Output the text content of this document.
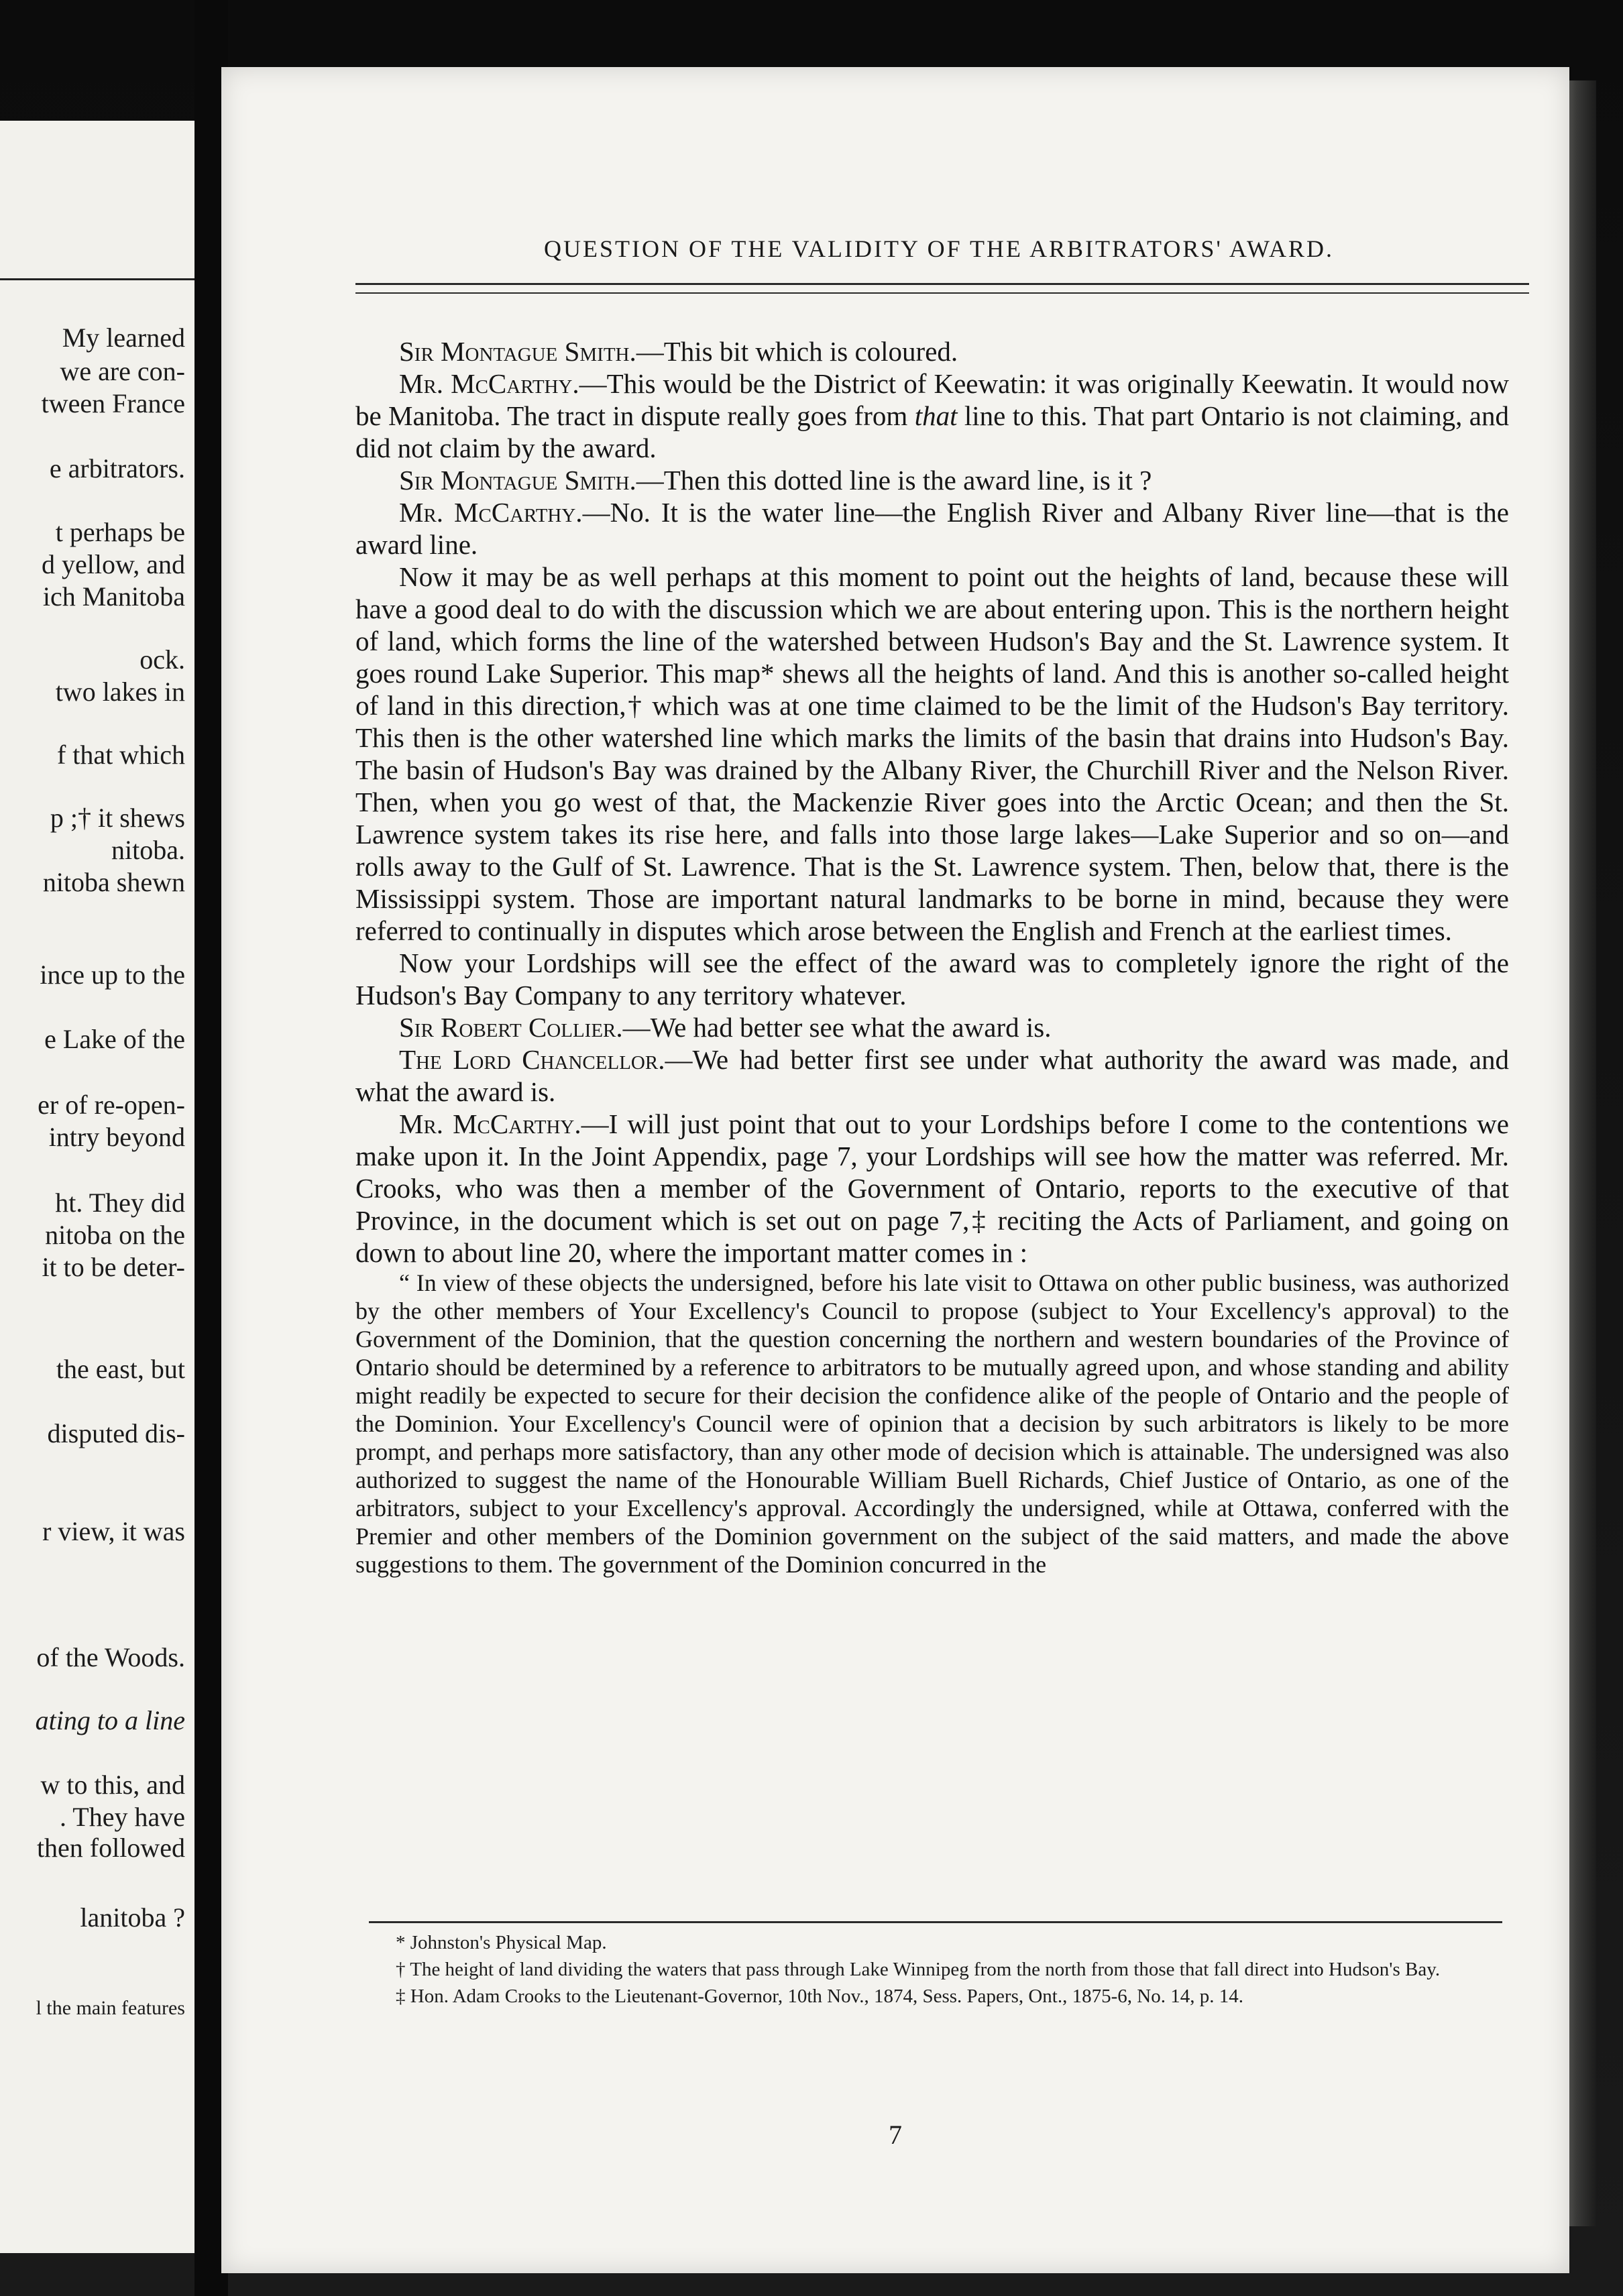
My learned
we are con-
tween France
e arbitrators.
t perhaps be
d yellow, and
ich Manitoba
ock.
two lakes in
f that which
p ;† it shews
nitoba.
nitoba shewn
ince up to the
e Lake of the
er of re-open-
intry beyond
ht. They did
nitoba on the
it to be deter-
the east, but
disputed dis-
r view, it was
of the Woods.
ating to a line
w to this, and
. They have
then followed
lanitoba ?
l the main features
QUESTION OF THE VALIDITY OF THE ARBITRATORS' AWARD.

Sir Montague Smith.—This bit which is coloured.

Mr. McCarthy.—This would be the District of Keewatin: it was originally Keewatin. It would now be Manitoba. The tract in dispute really goes from that line to this. That part Ontario is not claiming, and did not claim by the award.

Sir Montague Smith.—Then this dotted line is the award line, is it ?

Mr. McCarthy.—No. It is the water line—the English River and Albany River line—that is the award line.

Now it may be as well perhaps at this moment to point out the heights of land, because these will have a good deal to do with the discussion which we are about entering upon. This is the northern height of land, which forms the line of the watershed between Hudson's Bay and the St. Lawrence system. It goes round Lake Superior. This map* shews all the heights of land. And this is another so-called height of land in this direction,† which was at one time claimed to be the limit of the Hudson's Bay territory. This then is the other watershed line which marks the limits of the basin that drains into Hudson's Bay. The basin of Hudson's Bay was drained by the Albany River, the Churchill River and the Nelson River. Then, when you go west of that, the Mackenzie River goes into the Arctic Ocean; and then the St. Lawrence system takes its rise here, and falls into those large lakes—Lake Superior and so on—and rolls away to the Gulf of St. Lawrence. That is the St. Lawrence system. Then, below that, there is the Mississippi system. Those are important natural landmarks to be borne in mind, because they were referred to continually in disputes which arose between the English and French at the earliest times.

Now your Lordships will see the effect of the award was to completely ignore the right of the Hudson's Bay Company to any territory whatever.

Sir Robert Collier.—We had better see what the award is.

The Lord Chancellor.—We had better first see under what authority the award was made, and what the award is.

Mr. McCarthy.—I will just point that out to your Lordships before I come to the contentions we make upon it. In the Joint Appendix, page 7, your Lordships will see how the matter was referred. Mr. Crooks, who was then a member of the Government of Ontario, reports to the executive of that Province, in the document which is set out on page 7,‡ reciting the Acts of Parliament, and going on down to about line 20, where the important matter comes in :

“ In view of these objects the undersigned, before his late visit to Ottawa on other public business, was authorized by the other members of Your Excellency's Council to propose (subject to Your Excellency's approval) to the Government of the Dominion, that the question concerning the northern and western boundaries of the Province of Ontario should be determined by a reference to arbitrators to be mutually agreed upon, and whose standing and ability might readily be expected to secure for their decision the confidence alike of the people of Ontario and the people of the Dominion. Your Excellency's Council were of opinion that a decision by such arbitrators is likely to be more prompt, and perhaps more satisfactory, than any other mode of decision which is attainable. The undersigned was also authorized to suggest the name of the Honourable William Buell Richards, Chief Justice of Ontario, as one of the arbitrators, subject to your Excellency's approval. Accordingly the undersigned, while at Ottawa, conferred with the Premier and other members of the Dominion government on the subject of the said matters, and made the above suggestions to them. The government of the Dominion concurred in the

* Johnston's Physical Map.

† The height of land dividing the waters that pass through Lake Winnipeg from the north from those that fall direct into Hudson's Bay.

‡ Hon. Adam Crooks to the Lieutenant-Governor, 10th Nov., 1874, Sess. Papers, Ont., 1875-6, No. 14, p. 14.

7
